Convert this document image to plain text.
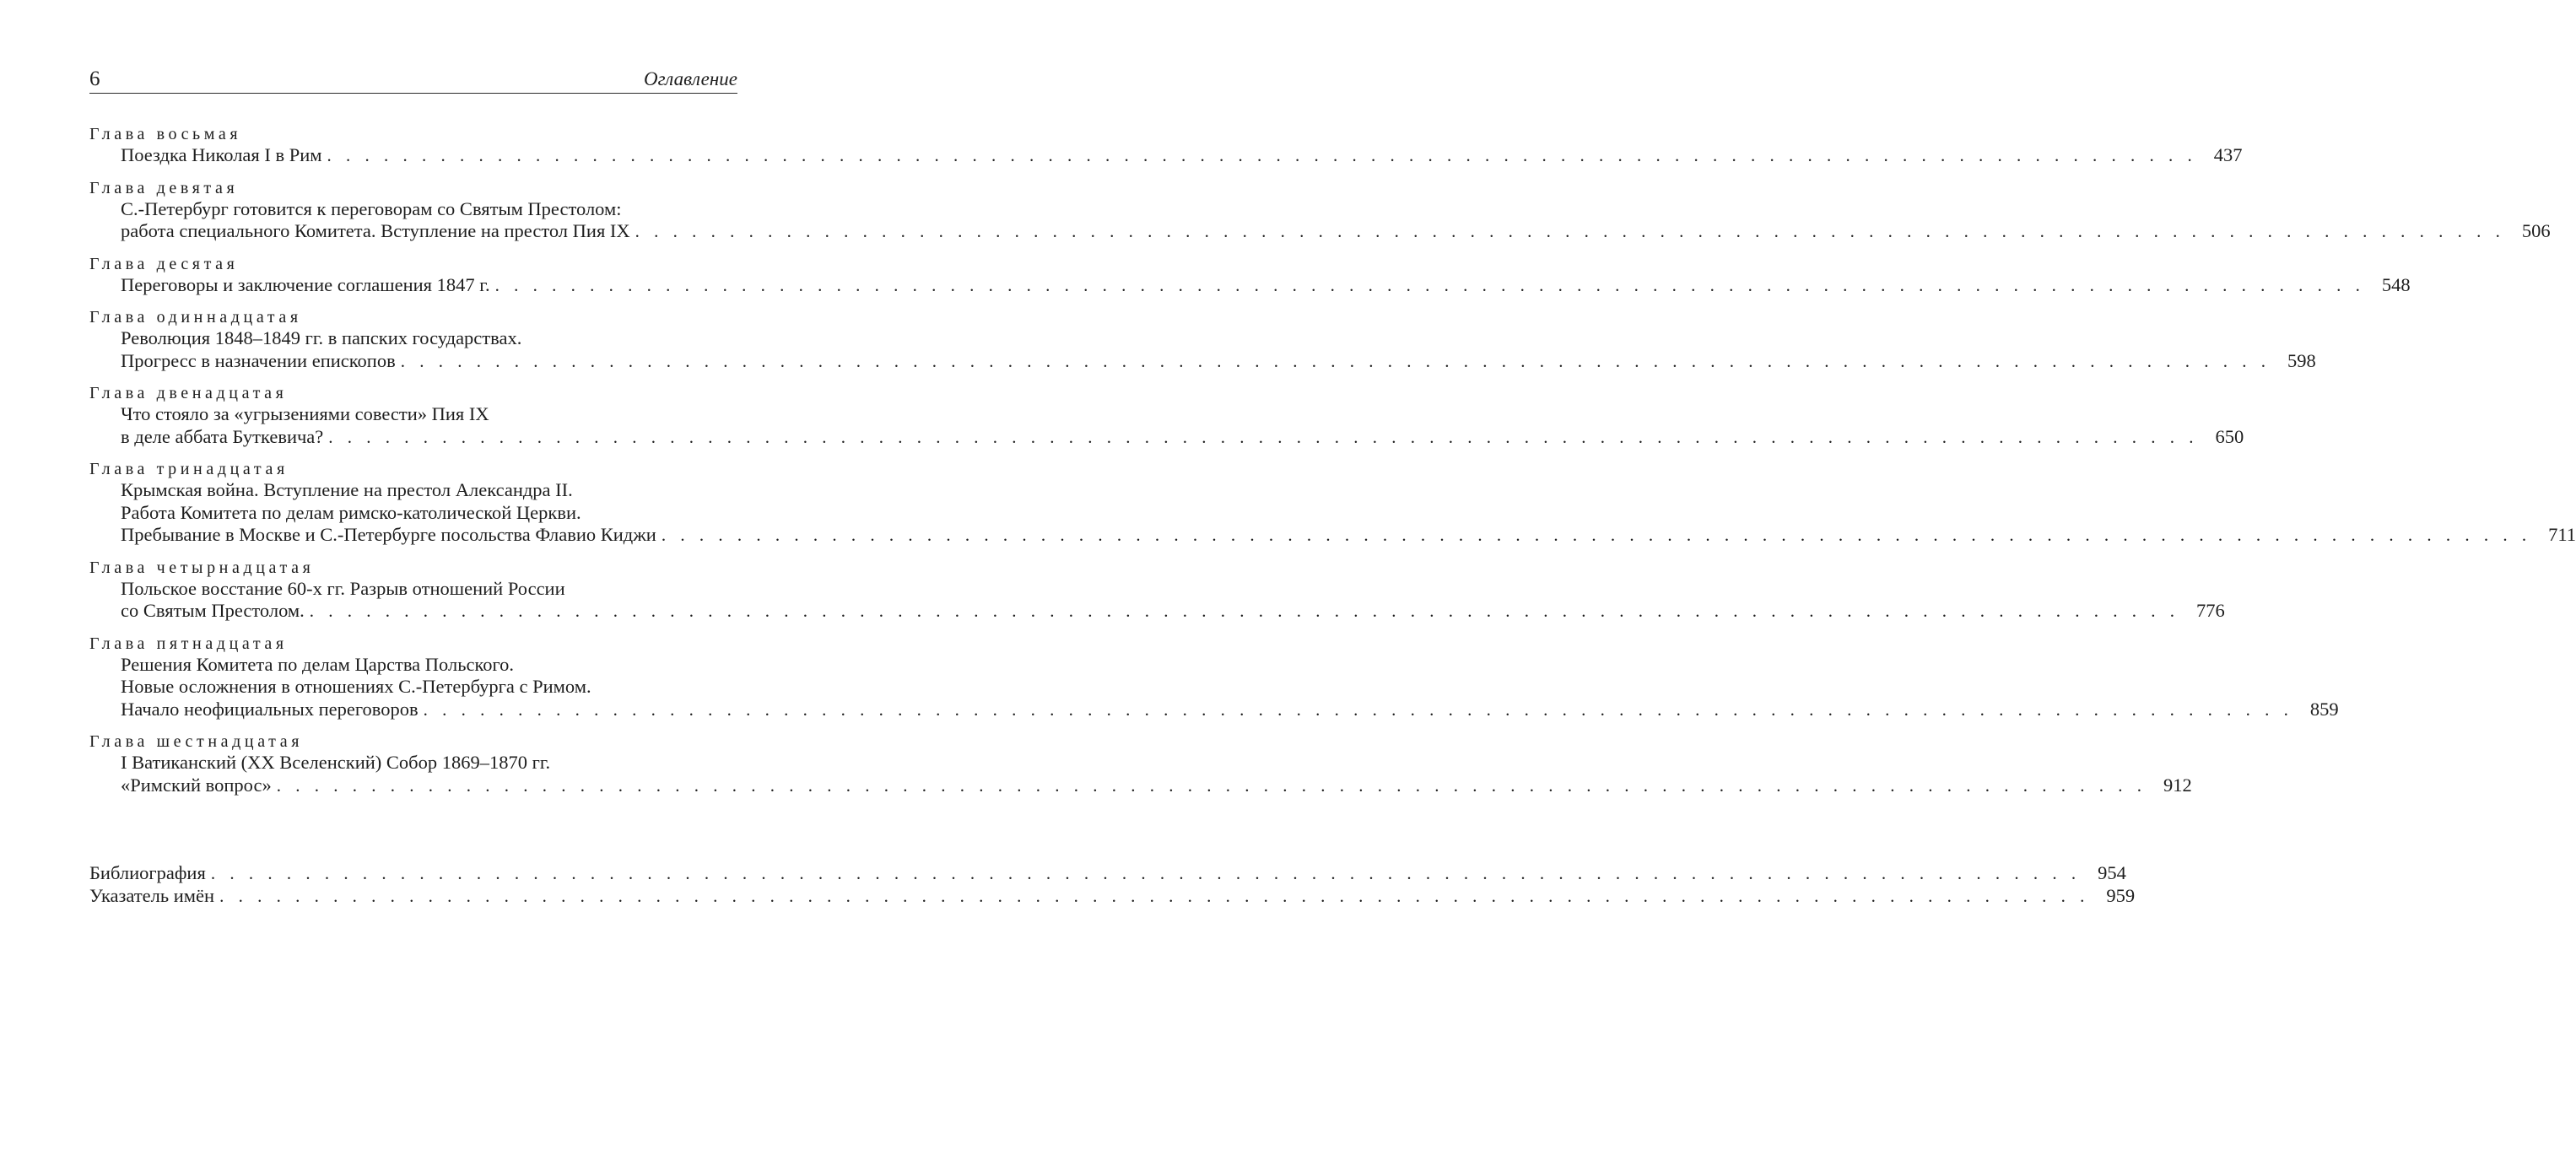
6	Оглавление
Глава восьмая
Поездка Николая I в Рим . . . . . . . . . . . . . . . . . . . . . . . . . . . . . . . . . . . . . . . . . . . . . . . . . . . . . . . . . . . . . . . . . . . . . . . . . . . . . . . . . . . . . . . . . . . . . . . . . . . 437
Глава девятая
С.-Петербург готовится к переговорам со Святым Престолом:
работа специального Комитета. Вступление на престол Пия IX . . . . . . . . . . . . . . . . . . . . . . . . . . . . . . . . . . . . . . . . . . . . . . . . . . . . . . . . . . . . . . . . . . . . . . . . . . . . . . . . . . . . . . . . . . . . . . . . . . . 506
Глава десятая
Переговоры и заключение соглашения 1847 г. . . . . . . . . . . . . . . . . . . . . . . . . . . . . . . . . . . . . . . . . . . . . . . . . . . . . . . . . . . . . . . . . . . . . . . . . . . . . . . . . . . . . . . . . . . . . . . . . . . . 548
Глава одиннадцатая
Революция 1848–1849 гг. в папских государствах.
Прогресс в назначении епископов . . . . . . . . . . . . . . . . . . . . . . . . . . . . . . . . . . . . . . . . . . . . . . . . . . . . . . . . . . . . . . . . . . . . . . . . . . . . . . . . . . . . . . . . . . . . . . . . . . . 598
Глава двенадцатая
Что стояло за «угрызениями совести» Пия IX
в деле аббата Буткевича? . . . . . . . . . . . . . . . . . . . . . . . . . . . . . . . . . . . . . . . . . . . . . . . . . . . . . . . . . . . . . . . . . . . . . . . . . . . . . . . . . . . . . . . . . . . . . . . . . . . 650
Глава тринадцатая
Крымская война. Вступление на престол Александра II.
Работа Комитета по делам римско-католической Церкви.
Пребывание в Москве и С.-Петербурге посольства Флавио Киджи . . . . . . . . . . . . . . . . . . . . . . . . . . . . . . . . . . . . . . . . . . . . . . . . . . . . . . . . . . . . . . . . . . . . . . . . . . . . . . . . . . . . . . . . . . . . . . . . . . . 711
Глава четырнадцатая
Польское восстание 60-х гг. Разрыв отношений России
со Святым Престолом. . . . . . . . . . . . . . . . . . . . . . . . . . . . . . . . . . . . . . . . . . . . . . . . . . . . . . . . . . . . . . . . . . . . . . . . . . . . . . . . . . . . . . . . . . . . . . . . . . . . 776
Глава пятнадцатая
Решения Комитета по делам Царства Польского.
Новые осложнения в отношениях С.-Петербурга с Римом.
Начало неофициальных переговоров . . . . . . . . . . . . . . . . . . . . . . . . . . . . . . . . . . . . . . . . . . . . . . . . . . . . . . . . . . . . . . . . . . . . . . . . . . . . . . . . . . . . . . . . . . . . . . . . . . . 859
Глава шестнадцатая
I Ватиканский (XX Вселенский) Собор 1869–1870 гг.
«Римский вопрос» . . . . . . . . . . . . . . . . . . . . . . . . . . . . . . . . . . . . . . . . . . . . . . . . . . . . . . . . . . . . . . . . . . . . . . . . . . . . . . . . . . . . . . . . . . . . . . . . . . . 912
Библиография . . . . . . . . . . . . . . . . . . . . . . . . . . . . . . . . . . . . . . . . . . . . . . . . . . . . . . . . . . . . . . . . . . . . . . . . . . . . . . . . . . . . . . . . . . . . . . . . . . . 954
Указатель имён . . . . . . . . . . . . . . . . . . . . . . . . . . . . . . . . . . . . . . . . . . . . . . . . . . . . . . . . . . . . . . . . . . . . . . . . . . . . . . . . . . . . . . . . . . . . . . . . . . . 959
